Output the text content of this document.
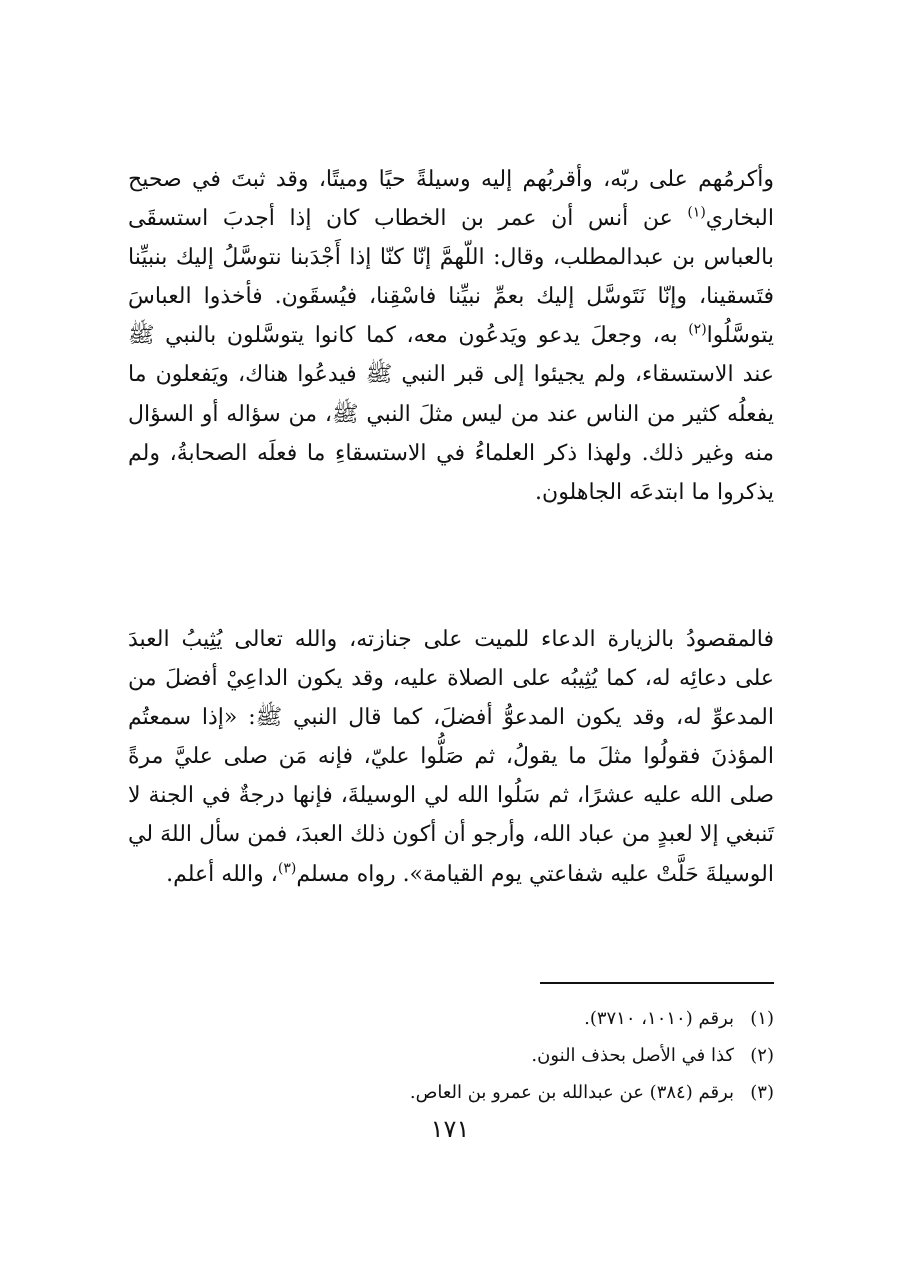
وأكرمُهم على ربّه، وأقربُهم إليه وسيلةً حيًا وميتًا، وقد ثبتَ في صحيح البخاري$^{(١)}$ عن أنس أن عمر بن الخطاب كان إذا أجدبَ استسقَى بالعباس بن عبدالمطلب، وقال: اللّهمَّ إنّا كنّا إذا أَجْدَبنا نتوسَّلُ إليك بنبيِّنا فتَسقينا، وإنّا نَتَوسَّل إليك بعمِّ نبيِّنا فاسْقِنا، فيُسقَون. فأخذوا العباسَ يتوسَّلُوا$^{(٢)}$ به، وجعلَ يدعو ويَدعُون معه، كما كانوا يتوسَّلون بالنبي ﷺ عند الاستسقاء، ولم يجيئوا إلى قبر النبي ﷺ فيدعُوا هناك، ويَفعلون ما يفعلُه كثير من الناس عند من ليس مثلَ النبي ﷺ، من سؤاله أو السؤال منه وغير ذلك. ولهذا ذكر العلماءُ في الاستسقاءِ ما فعلَه الصحابةُ، ولم يذكروا ما ابتدعَه الجاهلون.

فالمقصودُ بالزيارة الدعاء للميت على جنازته، والله تعالى يُثِيبُ العبدَ على دعائِه له، كما يُثِيبُه على الصلاة عليه، وقد يكون الداعِيْ أفضلَ من المدعوِّ له، وقد يكون المدعوُّ أفضلَ، كما قال النبي ﷺ: «إذا سمعتُم المؤذنَ فقولُوا مثلَ ما يقولُ، ثم صَلُّوا عليّ، فإنه مَن صلى عليَّ مرةً صلى الله عليه عشرًا، ثم سَلُوا الله لي الوسيلةَ، فإنها درجةٌ في الجنة لا تَنبغي إلا لعبدٍ من عباد الله، وأرجو أن أكون ذلك العبدَ، فمن سأل اللهَ لي الوسيلةَ حَلَّتْ عليه شفاعتي يوم القيامة». رواه مسلم$^{(٣)}$، والله أعلم.

(١)
برقم (١٠١٠، ٣٧١٠).
(٢)
كذا في الأصل بحذف النون.
(٣)
برقم (٣٨٤) عن عبدالله بن عمرو بن العاص.
١٧١
